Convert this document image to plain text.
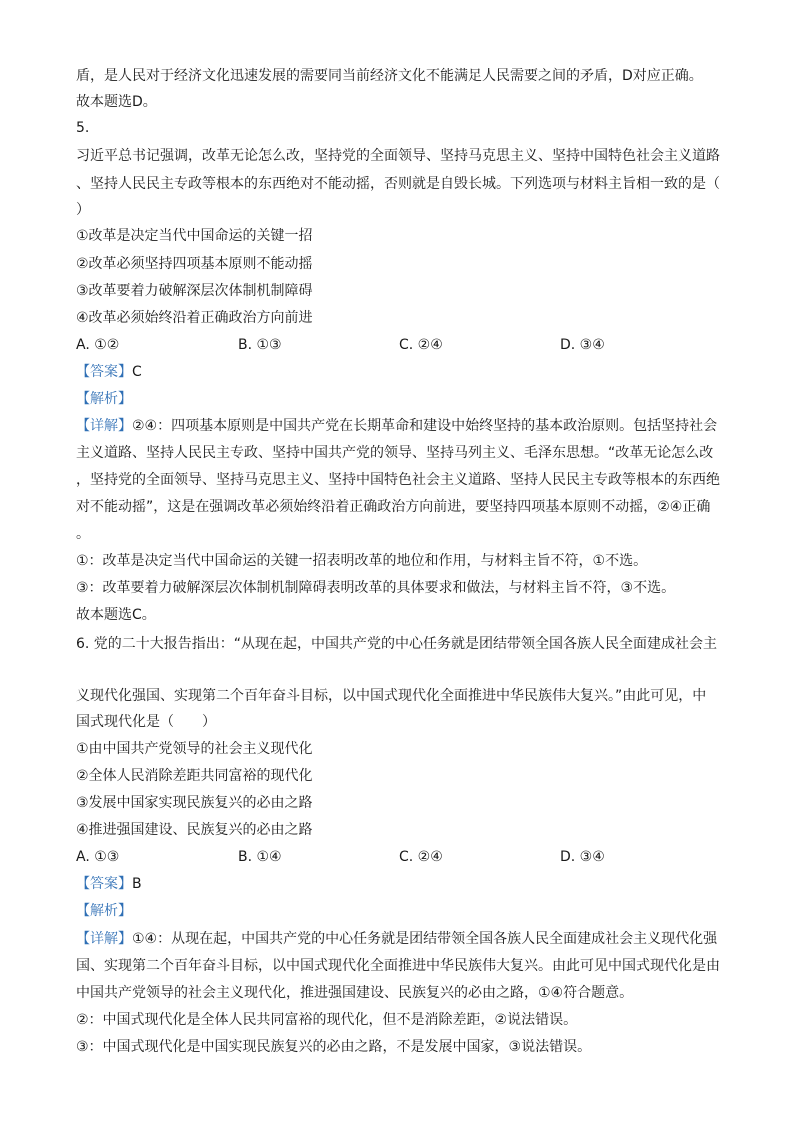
盾，是人民对于经济文化迅速发展的需要同当前经济文化不能满足人民需要之间的矛盾，D对应正确。
故本题选D。
5.
习近平总书记强调，改革无论怎么改，坚持党的全面领导、坚持马克思主义、坚持中国特色社会主义道路
、坚持人民民主专政等根本的东西绝对不能动摇，否则就是自毁长城。下列选项与材料主旨相一致的是（
）
①改革是决定当代中国命运的关键一招
②改革必须坚持四项基本原则不能动摇
③改革要着力破解深层次体制机制障碍
④改革必须始终沿着正确政治方向前进
A. ①②	B. ①③	C. ②④	D. ③④
【答案】C
【解析】
【详解】②④：四项基本原则是中国共产党在长期革命和建设中始终坚持的基本政治原则。包括坚持社会
主义道路、坚持人民民主专政、坚持中国共产党的领导、坚持马列主义、毛泽东思想。“改革无论怎么改
，坚持党的全面领导、坚持马克思主义、坚持中国特色社会主义道路、坚持人民民主专政等根本的东西绝
对不能动摇”，这是在强调改革必须始终沿着正确政治方向前进，要坚持四项基本原则不动摇，②④正确
。
①：改革是决定当代中国命运的关键一招表明改革的地位和作用，与材料主旨不符，①不选。
③：改革要着力破解深层次体制机制障碍表明改革的具体要求和做法，与材料主旨不符，③不选。
故本题选C。
6. 党的二十大报告指出：“从现在起，中国共产党的中心任务就是团结带领全国各族人民全面建成社会主
义现代化强国、实现第二个百年奋斗目标，以中国式现代化全面推进中华民族伟大复兴。”由此可见，中
国式现代化是（　　）
①由中国共产党领导的社会主义现代化
②全体人民消除差距共同富裕的现代化
③发展中国家实现民族复兴的必由之路
④推进强国建设、民族复兴的必由之路
A. ①③	B. ①④	C. ②④	D. ③④
【答案】B
【解析】
【详解】①④：从现在起，中国共产党的中心任务就是团结带领全国各族人民全面建成社会主义现代化强
国、实现第二个百年奋斗目标，以中国式现代化全面推进中华民族伟大复兴。由此可见中国式现代化是由
中国共产党领导的社会主义现代化，推进强国建设、民族复兴的必由之路，①④符合题意。
②：中国式现代化是全体人民共同富裕的现代化，但不是消除差距，②说法错误。
③：中国式现代化是中国实现民族复兴的必由之路，不是发展中国家，③说法错误。
